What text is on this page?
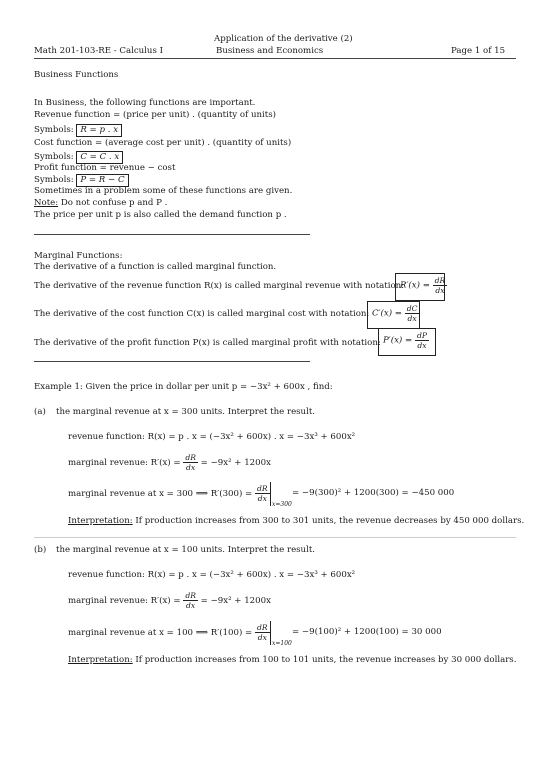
Application of the derivative (2)
Math 201-103-RE - Calculus I	Business and Economics	Page 1 of 15
Business Functions
In Business, the following functions are important.
Revenue function = (price per unit) . (quantity of units)
Symbols: R = p . x
Cost function = (average cost per unit) . (quantity of units)
Symbols: C = C̄ . x
Profit function = revenue − cost
Symbols: P = R − C
Sometimes in a problem some of these functions are given.
Note: Do not confuse p and P .
The price per unit p is also called the demand function p .
Marginal Functions:
The derivative of a function is called marginal function.
The derivative of the revenue function R(x) is called marginal revenue with notation:
$R'(x) = \frac{dR}{dx}$
The derivative of the cost function C(x) is called marginal cost with notation: $C'(x) = \frac{dC}{dx}$
The derivative of the profit function P(x) is called marginal profit with notation: $P'(x) = \frac{dP}{dx}$
Example 1: Given the price in dollar per unit p = −3x² + 600x , find:
(a) the marginal revenue at x = 300 units. Interpret the result.
revenue function: R(x) = p . x = (−3x² + 600x) . x = −3x³ + 600x²
marginal revenue: $R'(x) = \frac{dR}{dx} = -9x^2 + 1200x$
marginal revenue at x = 300 ⟹ $R'(300) = \frac{dR}{dx}$
x=300
= −9(300)² + 1200(300) = −450 000
Interpretation: If production increases from 300 to 301 units, the revenue decreases by 450 000 dollars.
(b) the marginal revenue at x = 100 units. Interpret the result.
revenue function: R(x) = p . x = (−3x² + 600x) . x = −3x³ + 600x²
marginal revenue: $R'(x) = \frac{dR}{dx} = -9x^2 + 1200x$
marginal revenue at x = 100 ⟹ $R'(100) = \frac{dR}{dx}$
x=100
= −9(100)² + 1200(100) = 30 000
Interpretation: If production increases from 100 to 101 units, the revenue increases by 30 000 dollars.
